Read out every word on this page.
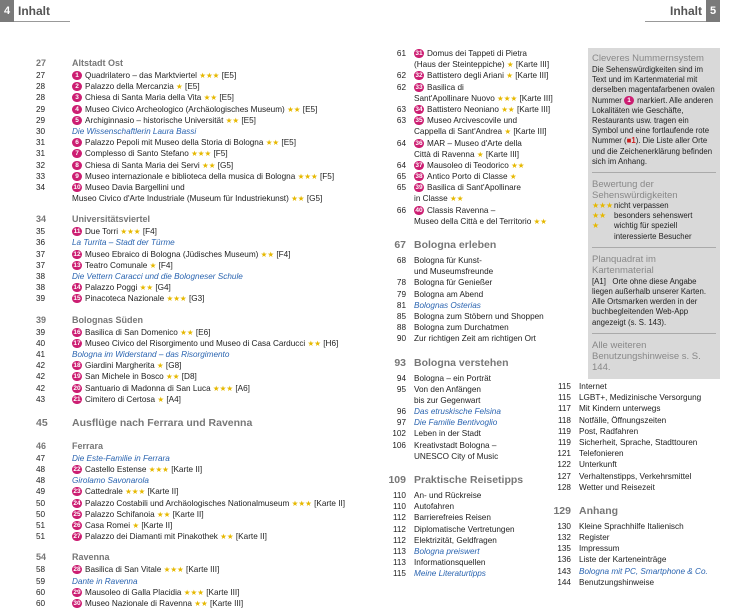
4 Inhalt	Inhalt 5
27	Altstadt Ost
27	1 Quadrilatero – das Marktviertel ★★★ [E5]
28	2 Palazzo della Mercanzia ★ [E5]
28	3 Chiesa di Santa Maria della Vita ★★ [E5]
29	4 Museo Civico Archeologico (Archäologisches Museum) ★★ [E5]
29	5 Archiginnasio – historische Universität ★★ [E5]
30	Die Wissenschaftlerin Laura Bassi
31	6 Palazzo Pepoli mit Museo della Storia di Bologna ★★ [E5]
31	7 Complesso di Santo Stefano ★★★ [F5]
32	8 Chiesa di Santa Maria dei Servi ★★ [G5]
33	9 Museo internazionale e biblioteca della musica di Bologna ★★★ [F5]
34	10 Museo Davia Bargellini und
Museo Civico d'Arte Industriale (Museum für Industriekunst) ★★ [G5]
34	Universitätsviertel
35	11 Due Torri ★★★ [F4]
36	La Turrita – Stadt der Türme
37	12 Museo Ebraico di Bologna (Jüdisches Museum) ★★ [F4]
37	13 Teatro Comunale ★ [F4]
38	Die Vettern Caracci und die Bologneser Schule
38	14 Palazzo Poggi ★★ [G4]
39	15 Pinacoteca Nazionale ★★★ [G3]
39	Bolognas Süden
39	16 Basilica di San Domenico ★★ [E6]
40	17 Museo Civico del Risorgimento und Museo di Casa Carducci ★★ [H6]
41	Bologna im Widerstand – das Risorgimento
42	18 Giardini Margherita ★ [G8]
42	19 San Michele in Bosco ★★ [D8]
42	20 Santuario di Madonna di San Luca ★★★ [A6]
43	21 Cimitero di Certosa ★ [A4]
45	Ausflüge nach Ferrara und Ravenna
46	Ferrara
47	Die Este-Familie in Ferrara
48	22 Castello Estense ★★★ [Karte II]
48	Girolamo Savonarola
49	23 Cattedrale ★★★ [Karte II]
50	24 Palazzo Costabili und Archäologisches Nationalmuseum ★★★ [Karte II]
50	25 Palazzo Schifanoia ★★ [Karte II]
51	26 Casa Romei ★ [Karte II]
51	27 Palazzo dei Diamanti mit Pinakothek ★★ [Karte II]
54	Ravenna
58	28 Basilica di San Vitale ★★★ [Karte III]
59	Dante in Ravenna
60	29 Mausoleo di Galla Placidia ★★★ [Karte III]
60	30 Museo Nazionale di Ravenna ★★ [Karte III]
61	31 Domus dei Tappeti di Pietra
(Haus der Steinteppiche) ★ [Karte III]
62	32 Battistero degli Ariani ★ [Karte III]
62	33 Basilica di
Sant'Apollinare Nuovo ★★★ [Karte III]
63	34 Battistero Neoniano ★★ [Karte III]
63	35 Museo Arcivescovile und
Cappella di Sant'Andrea ★ [Karte III]
64	36 MAR – Museo d'Arte della
Città di Ravenna ★ [Karte III]
64	37 Mausoleo di Teodorico ★★
65	38 Antico Porto di Classe ★
65	39 Basilica di Sant'Apollinare
in Classe ★★
66	40 Classis Ravenna –
Museo della Città e del Territorio ★★
67 Bologna erleben
68 Bologna für Kunst-
und Museumsfreunde
78 Bologna für Genießer
79 Bologna am Abend
81 Bolognas Osterias
85 Bologna zum Stöbern und Shoppen
88 Bologna zum Durchatmen
90 Zur richtigen Zeit am richtigen Ort
93 Bologna verstehen
94 Bologna – ein Porträt
95 Von den Anfängen
bis zur Gegenwart
96 Das etruskische Felsina
97 Die Familie Bentivoglio
102 Leben in der Stadt
106 Kreativstadt Bologna –
UNESCO City of Music
109 Praktische Reisetipps
110 An- und Rückreise
110 Autofahren
112 Barrierefreies Reisen
112 Diplomatische Vertretungen
112 Elektrizität, Geldfragen
113 Bologna preiswert
113 Informationsquellen
115 Meine Literaturtipps
115 Internet
115 LGBT+, Medizinische Versorgung
117 Mit Kindern unterwegs
118 Notfälle, Öffnungszeiten
119 Post, Radfahren
119 Sicherheit, Sprache, Stadttouren
121 Telefonieren
122 Unterkunft
127 Verhaltenstipps, Verkehrsmittel
128 Wetter und Reisezeit
129 Anhang
130 Kleine Sprachhilfe Italienisch
132 Register
135 Impressum
136 Liste der Karteneinträge
143 Bologna mit PC, Smartphone & Co.
144 Benutzungshinweise
Cleveres Nummernsystem
Die Sehenswürdigkeiten sind im Text und im Kartenmaterial mit derselben magentafarbenen ovalen Nummer 1 markiert. Alle anderen Lokalitäten wie Geschäfte, Restaurants usw. tragen ein Symbol und eine fortlaufende rote Nummer (■1). Die Liste aller Orte und die Zeichenerklärung befinden sich im Anhang.
Bewertung der Sehenswürdigkeiten
★★★ nicht verpassen
★★	besonders sehenswert
★	wichtig für speziell interessierte Besucher
Planquadrat im Kartenmaterial
[A1] Orte ohne diese Angabe liegen außerhalb unserer Karten. Alle Ortsmarken werden in der buchbegleitenden Web-App angezeigt (s. S. 143).
Alle weiteren Benutzungshinweise s. S. 144.
